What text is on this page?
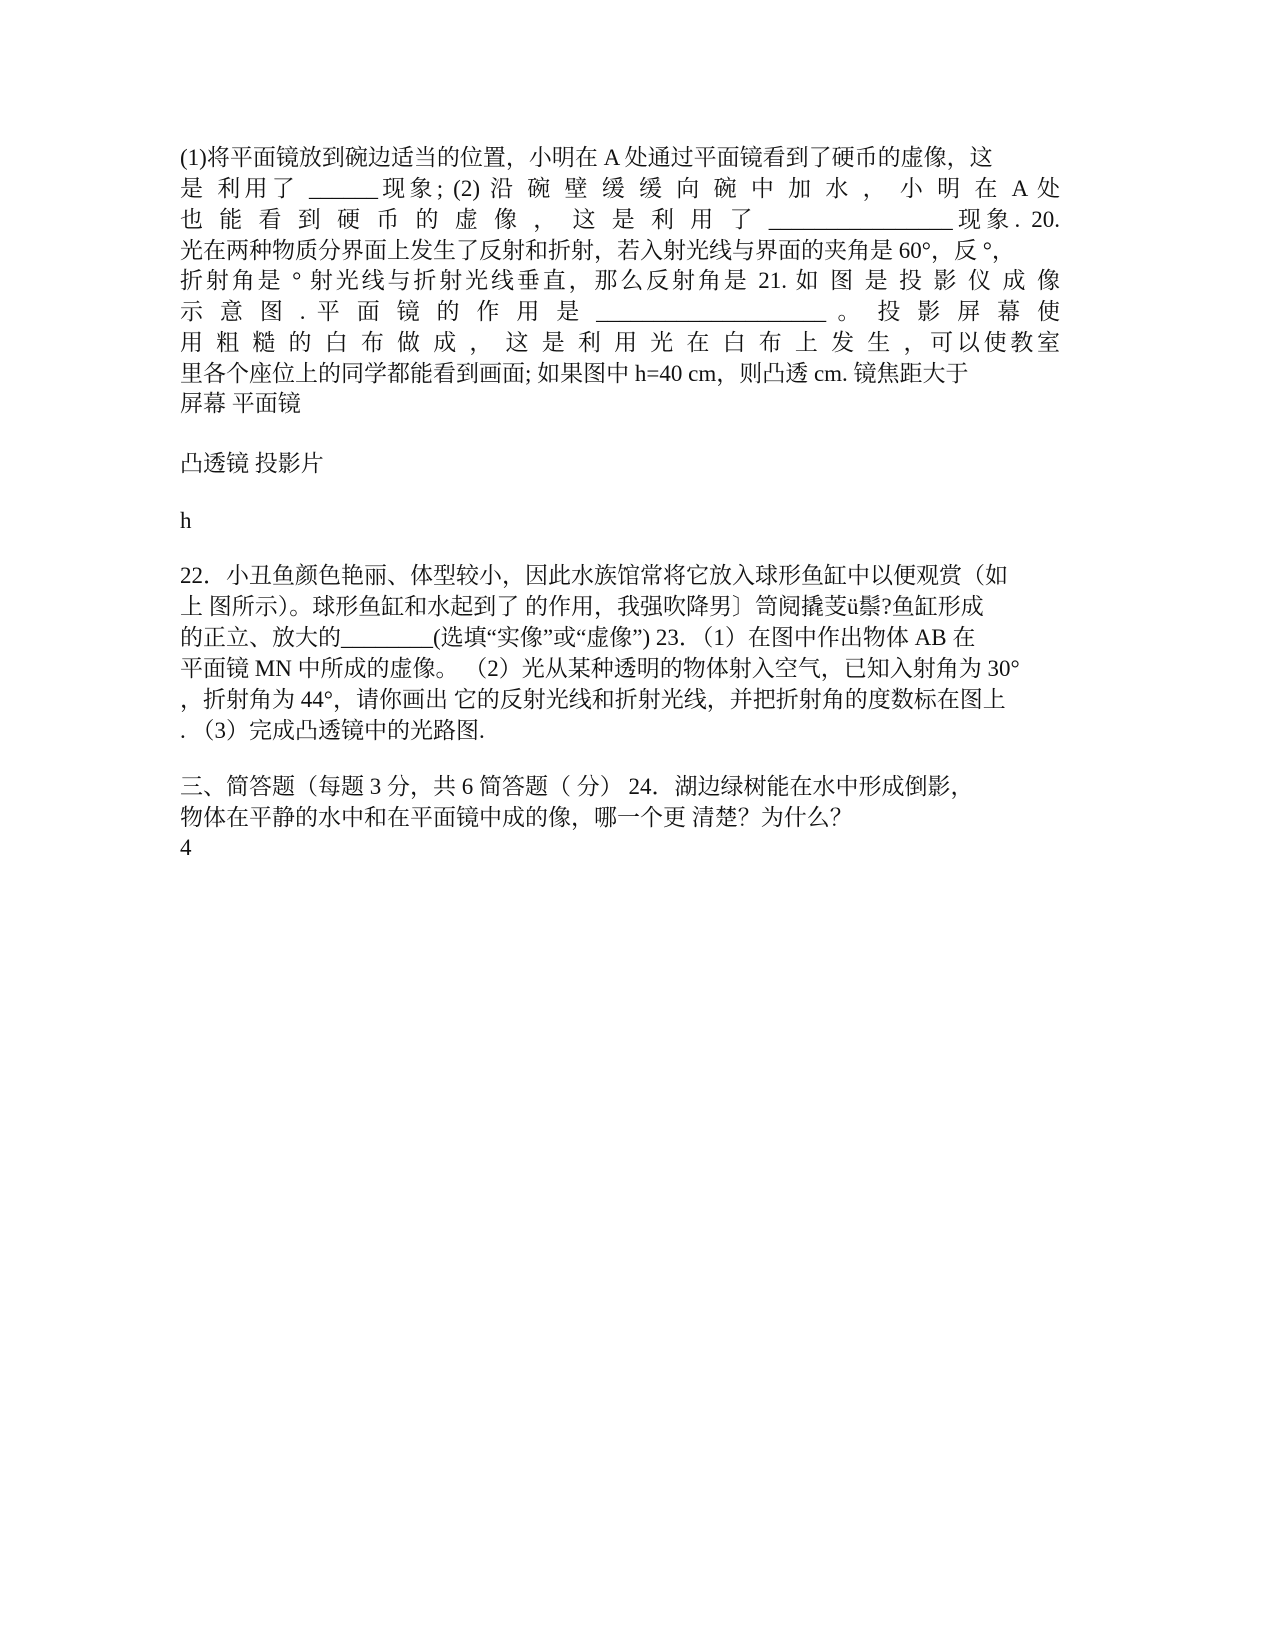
(1)将平面镜放到碗边适当的位置，小明在 A 处通过平面镜看到了硬币的虚像，这
是 利用了 ______现象; (2) 沿 碗 壁 缓 缓 向 碗 中 加 水 ， 小 明 在 A 处
也 能 看 到 硬 币 的 虚 像 ， 这 是 利 用 了 ________________现象. 20.
光在两种物质分界面上发生了反射和折射，若入射光线与界面的夹角是 60°，反 °，
折射角是 ° 射光线与折射光线垂直，那么反射角是 21. 如 图 是 投 影 仪 成 像
示 意 图 . 平 面 镜 的 作 用 是 ____________________ 。 投 影 屏 幕 使
用 粗 糙 的 白 布 做 成 ， 这 是 利 用 光 在 白 布 上 发 生 ，可以使教室
里各个座位上的同学都能看到画面; 如果图中 h=40 cm，则凸透 cm. 镜焦距大于
屏幕 平面镜
凸透镜 投影片
h
22．小丑鱼颜色艳丽、体型较小，因此水族馆常将它放入球形鱼缸中以便观赏（如
上 图所示）。球形鱼缸和水起到了 的作用，我强吹降男〕笥阋撬芰ü鬃?鱼缸形成
的正立、放大的________(选填“实像”或“虚像”) 23．（1）在图中作出物体 AB 在
平面镜 MN 中所成的虚像。 （2）光从某种透明的物体射入空气，已知入射角为 30°
，折射角为 44°，请你画出 它的反射光线和折射光线，并把折射角的度数标在图上
. （3）完成凸透镜中的光路图.
三、简答题（每题 3 分，共 6 简答题（ 分） 24．湖边绿树能在水中形成倒影，
物体在平静的水中和在平面镜中成的像，哪一个更 清楚？为什么？
4
